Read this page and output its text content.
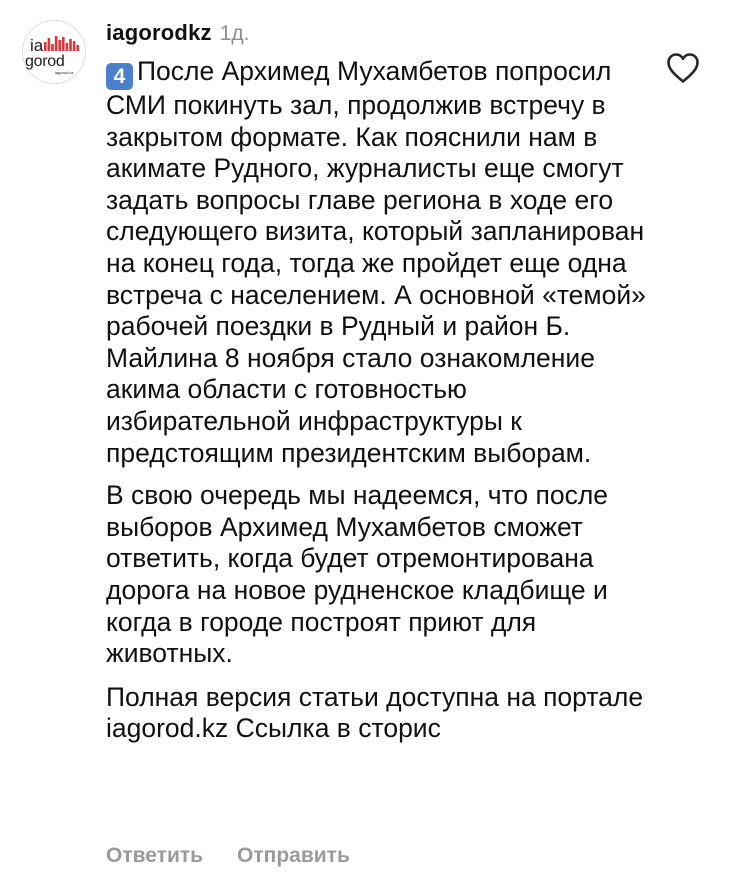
ia
gorod
iagorod.kz
iagorodkz 1д.

4 После Архимед Мухамбетов попросил СМИ покинуть зал, продолжив встречу в закрытом формате. Как пояснили нам в акимате Рудного, журналисты еще смогут задать вопросы главе региона в ходе его следующего визита, который запланирован на конец года, тогда же пройдет еще одна встреча с населением. А основной «темой» рабочей поездки в Рудный и район Б. Майлина 8 ноября стало ознакомление акима области с готовностью избирательной инфраструктуры к предстоящим президентским выборам.

В свою очередь мы надеемся, что после выборов Архимед Мухамбетов сможет ответить, когда будет отремонтирована дорога на новое рудненское кладбище и когда в городе построят приют для животных.

Полная версия статьи доступна на портале iagorod.kz Ссылка в сторис

Ответить Отправить
